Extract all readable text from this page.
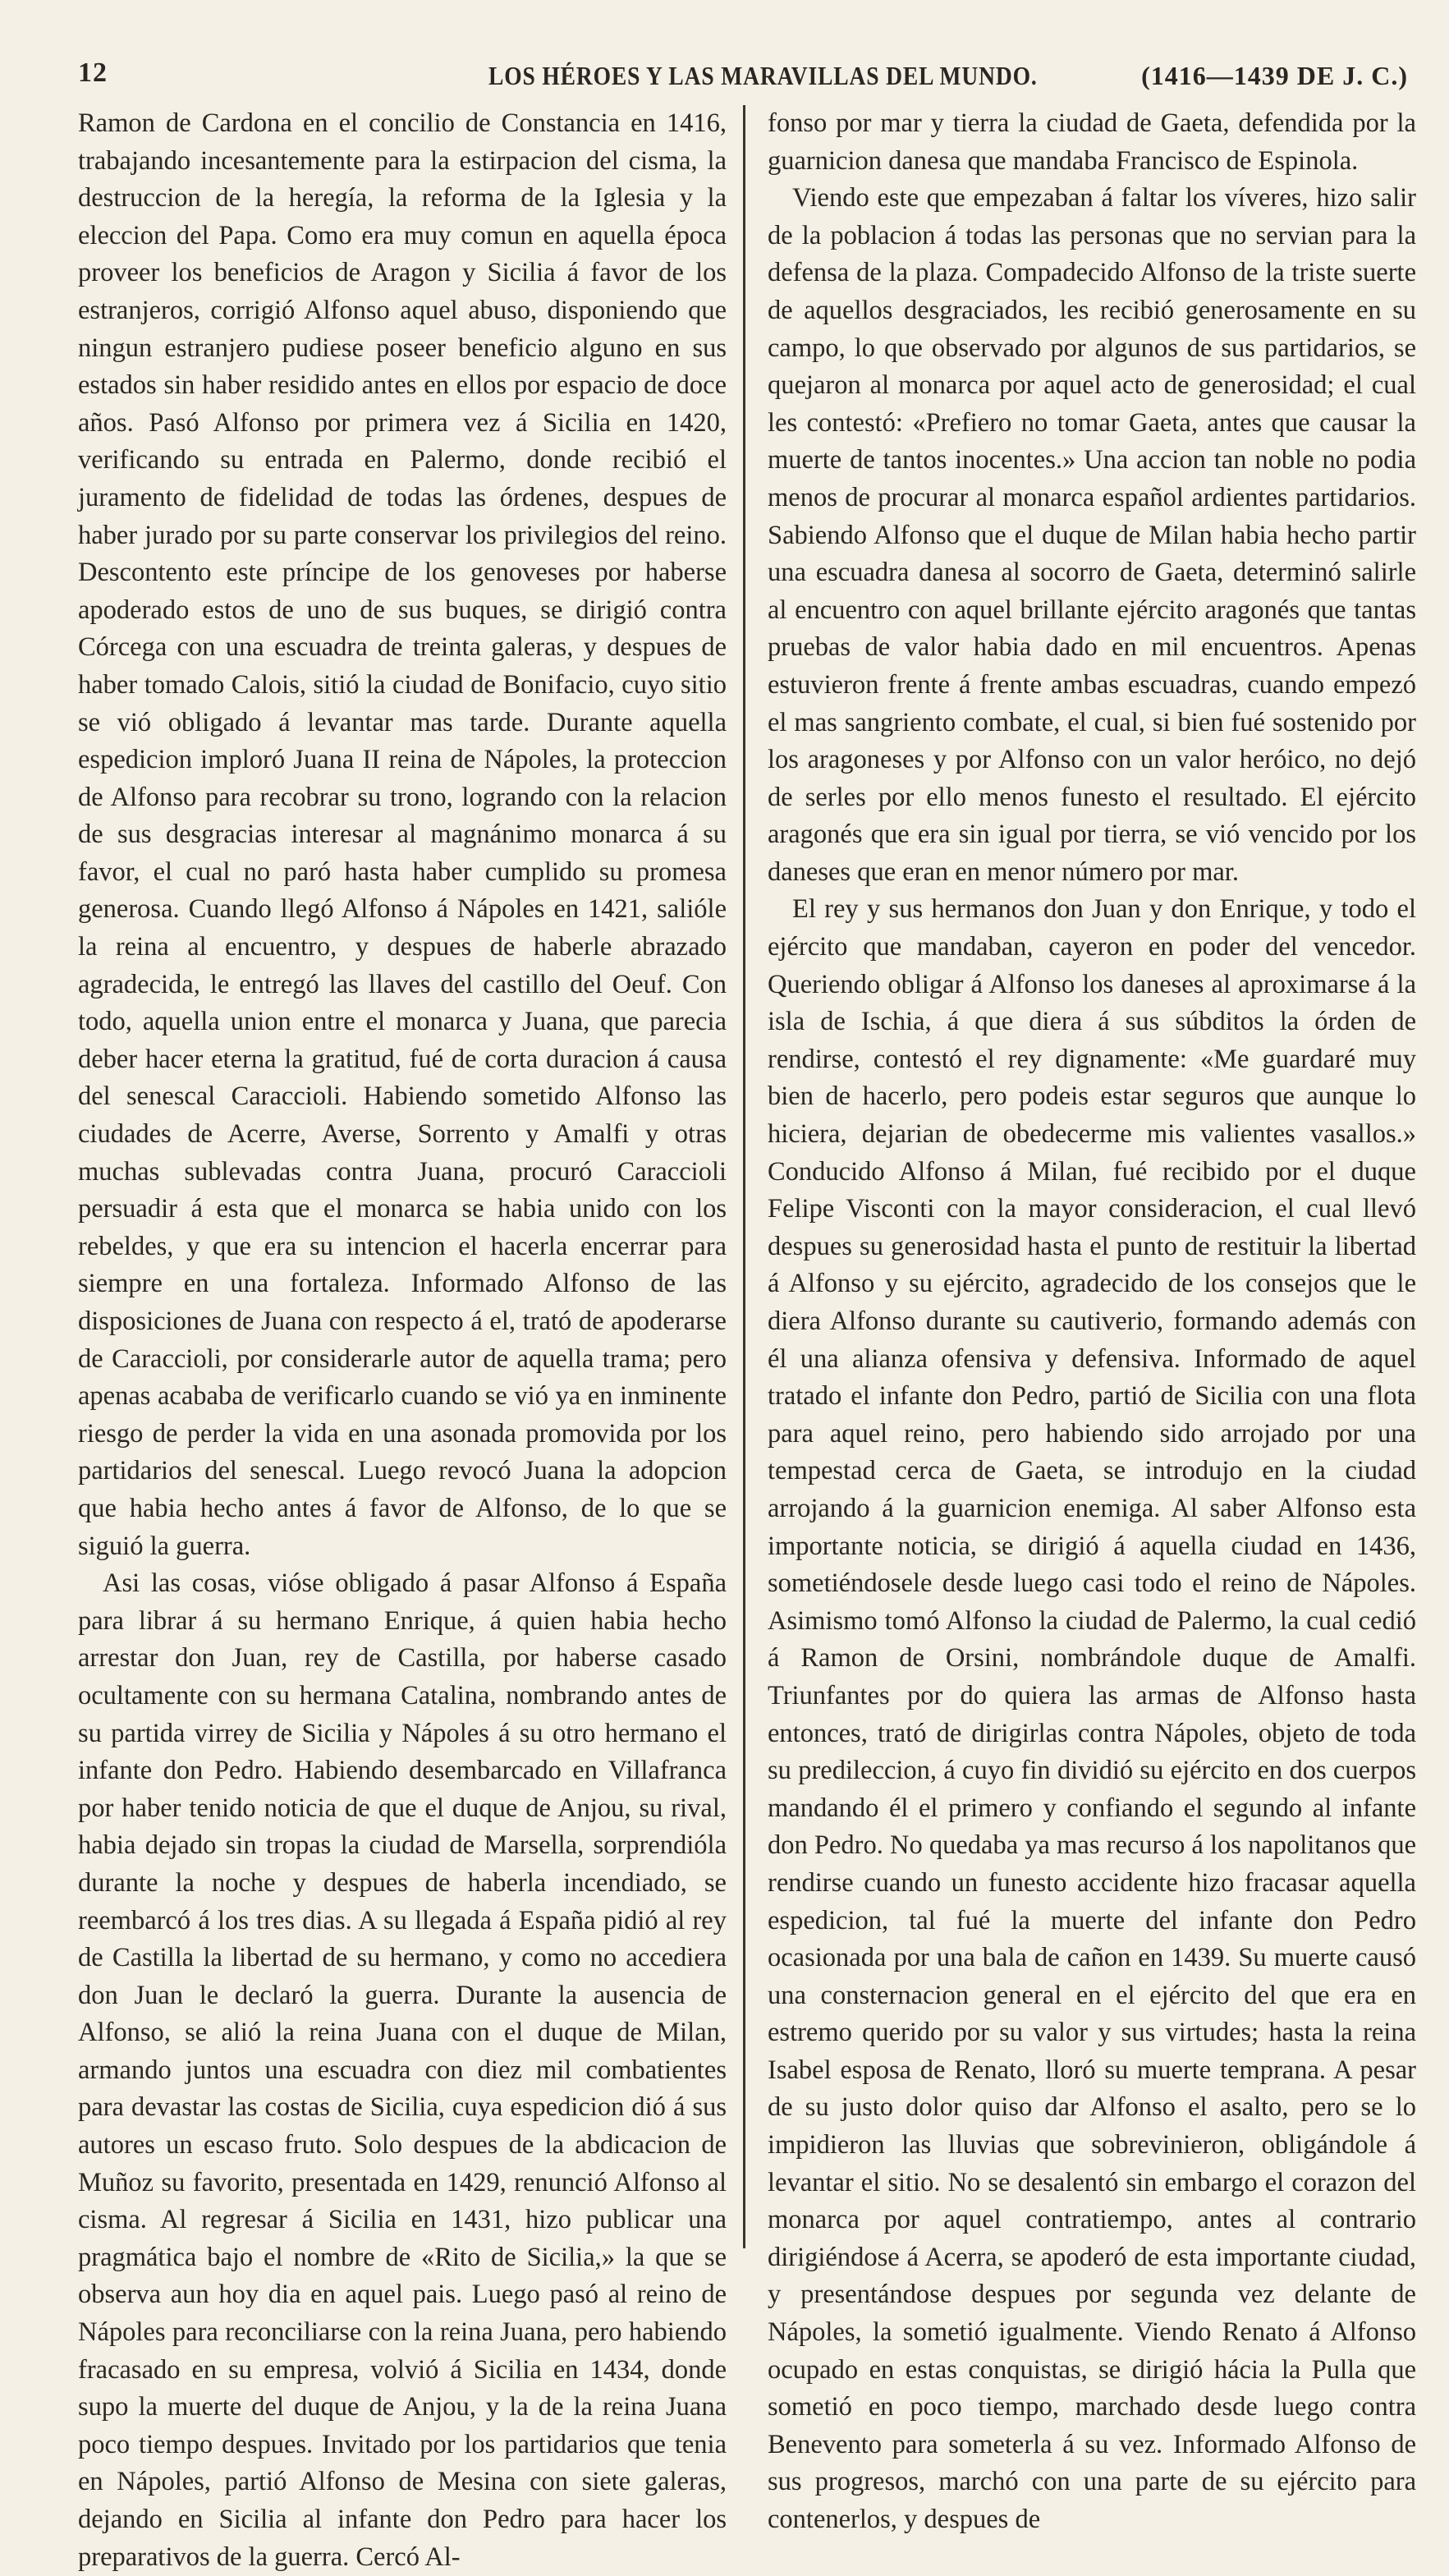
12	LOS HÉROES Y LAS MARAVILLAS DEL MUNDO.	(1416—1439 DE J. C.)

Ramon de Cardona en el concilio de Constancia en 1416, trabajando incesantemente para la estirpacion del cisma, la destruccion de la heregía, la reforma de la Iglesia y la eleccion del Papa. Como era muy comun en aquella época proveer los beneficios de Aragon y Sicilia á favor de los estranjeros, corrigió Alfonso aquel abuso, disponiendo que ningun estranjero pudiese poseer beneficio alguno en sus estados sin haber residido antes en ellos por espacio de doce años. Pasó Alfonso por primera vez á Sicilia en 1420, verificando su entrada en Palermo, donde recibió el juramento de fidelidad de todas las órdenes, despues de haber jurado por su parte conservar los privilegios del reino. Descontento este príncipe de los genoveses por haberse apoderado estos de uno de sus buques, se dirigió contra Córcega con una escuadra de treinta galeras, y despues de haber tomado Calois, sitió la ciudad de Bonifacio, cuyo sitio se vió obligado á levantar mas tarde. Durante aquella espedicion imploró Juana II reina de Nápoles, la proteccion de Alfonso para recobrar su trono, logrando con la relacion de sus desgracias interesar al magnánimo monarca á su favor, el cual no paró hasta haber cumplido su promesa generosa. Cuando llegó Alfonso á Nápoles en 1421, salióle la reina al encuentro, y despues de haberle abrazado agradecida, le entregó las llaves del castillo del Oeuf. Con todo, aquella union entre el monarca y Juana, que parecia deber hacer eterna la gratitud, fué de corta duracion á causa del senescal Caraccioli. Habiendo sometido Alfonso las ciudades de Acerre, Averse, Sorrento y Amalfi y otras muchas sublevadas contra Juana, procuró Caraccioli persuadir á esta que el monarca se habia unido con los rebeldes, y que era su intencion el hacerla encerrar para siempre en una fortaleza. Informado Alfonso de las disposiciones de Juana con respecto á el, trató de apoderarse de Caraccioli, por considerarle autor de aquella trama; pero apenas acababa de verificarlo cuando se vió ya en inminente riesgo de perder la vida en una asonada promovida por los partidarios del senescal. Luego revocó Juana la adopcion que habia hecho antes á favor de Alfonso, de lo que se siguió la guerra.

Asi las cosas, vióse obligado á pasar Alfonso á España para librar á su hermano Enrique, á quien habia hecho arrestar don Juan, rey de Castilla, por haberse casado ocultamente con su hermana Catalina, nombrando antes de su partida virrey de Sicilia y Nápoles á su otro hermano el infante don Pedro. Habiendo desembarcado en Villafranca por haber tenido noticia de que el duque de Anjou, su rival, habia dejado sin tropas la ciudad de Marsella, sorprendióla durante la noche y despues de haberla incendiado, se reembarcó á los tres dias. A su llegada á España pidió al rey de Castilla la libertad de su hermano, y como no accediera don Juan le declaró la guerra. Durante la ausencia de Alfonso, se alió la reina Juana con el duque de Milan, armando juntos una escuadra con diez mil combatientes para devastar las costas de Sicilia, cuya espedicion dió á sus autores un escaso fruto. Solo despues de la abdicacion de Muñoz su favorito, presentada en 1429, renunció Alfonso al cisma. Al regresar á Sicilia en 1431, hizo publicar una pragmática bajo el nombre de «Rito de Sicilia,» la que se observa aun hoy dia en aquel pais. Luego pasó al reino de Nápoles para reconciliarse con la reina Juana, pero habiendo fracasado en su empresa, volvió á Sicilia en 1434, donde supo la muerte del duque de Anjou, y la de la reina Juana poco tiempo despues. Invitado por los partidarios que tenia en Nápoles, partió Alfonso de Mesina con siete galeras, dejando en Sicilia al infante don Pedro para hacer los preparativos de la guerra. Cercó Al-

fonso por mar y tierra la ciudad de Gaeta, defendida por la guarnicion danesa que mandaba Francisco de Espinola.

Viendo este que empezaban á faltar los víveres, hizo salir de la poblacion á todas las personas que no servian para la defensa de la plaza. Compadecido Alfonso de la triste suerte de aquellos desgraciados, les recibió generosamente en su campo, lo que observado por algunos de sus partidarios, se quejaron al monarca por aquel acto de generosidad; el cual les contestó: «Prefiero no tomar Gaeta, antes que causar la muerte de tantos inocentes.» Una accion tan noble no podia menos de procurar al monarca español ardientes partidarios. Sabiendo Alfonso que el duque de Milan habia hecho partir una escuadra danesa al socorro de Gaeta, determinó salirle al encuentro con aquel brillante ejército aragonés que tantas pruebas de valor habia dado en mil encuentros. Apenas estuvieron frente á frente ambas escuadras, cuando empezó el mas sangriento combate, el cual, si bien fué sostenido por los aragoneses y por Alfonso con un valor heróico, no dejó de serles por ello menos funesto el resultado. El ejército aragonés que era sin igual por tierra, se vió vencido por los daneses que eran en menor número por mar.

El rey y sus hermanos don Juan y don Enrique, y todo el ejército que mandaban, cayeron en poder del vencedor. Queriendo obligar á Alfonso los daneses al aproximarse á la isla de Ischia, á que diera á sus súbditos la órden de rendirse, contestó el rey dignamente: «Me guardaré muy bien de hacerlo, pero podeis estar seguros que aunque lo hiciera, dejarian de obedecerme mis valientes vasallos.» Conducido Alfonso á Milan, fué recibido por el duque Felipe Visconti con la mayor consideracion, el cual llevó despues su generosidad hasta el punto de restituir la libertad á Alfonso y su ejército, agradecido de los consejos que le diera Alfonso durante su cautiverio, formando además con él una alianza ofensiva y defensiva. Informado de aquel tratado el infante don Pedro, partió de Sicilia con una flota para aquel reino, pero habiendo sido arrojado por una tempestad cerca de Gaeta, se introdujo en la ciudad arrojando á la guarnicion enemiga. Al saber Alfonso esta importante noticia, se dirigió á aquella ciudad en 1436, sometiéndosele desde luego casi todo el reino de Nápoles. Asimismo tomó Alfonso la ciudad de Palermo, la cual cedió á Ramon de Orsini, nombrándole duque de Amalfi. Triunfantes por do quiera las armas de Alfonso hasta entonces, trató de dirigirlas contra Nápoles, objeto de toda su predileccion, á cuyo fin dividió su ejército en dos cuerpos mandando él el primero y confiando el segundo al infante don Pedro. No quedaba ya mas recurso á los napolitanos que rendirse cuando un funesto accidente hizo fracasar aquella espedicion, tal fué la muerte del infante don Pedro ocasionada por una bala de cañon en 1439. Su muerte causó una consternacion general en el ejército del que era en estremo querido por su valor y sus virtudes; hasta la reina Isabel esposa de Renato, lloró su muerte temprana. A pesar de su justo dolor quiso dar Alfonso el asalto, pero se lo impidieron las lluvias que sobrevinieron, obligándole á levantar el sitio. No se desalentó sin embargo el corazon del monarca por aquel contratiempo, antes al contrario dirigiéndose á Acerra, se apoderó de esta importante ciudad, y presentándose despues por segunda vez delante de Nápoles, la sometió igualmente. Viendo Renato á Alfonso ocupado en estas conquistas, se dirigió hácia la Pulla que sometió en poco tiempo, marchado desde luego contra Benevento para someterla á su vez. Informado Alfonso de sus progresos, marchó con una parte de su ejército para contenerlos, y despues de
